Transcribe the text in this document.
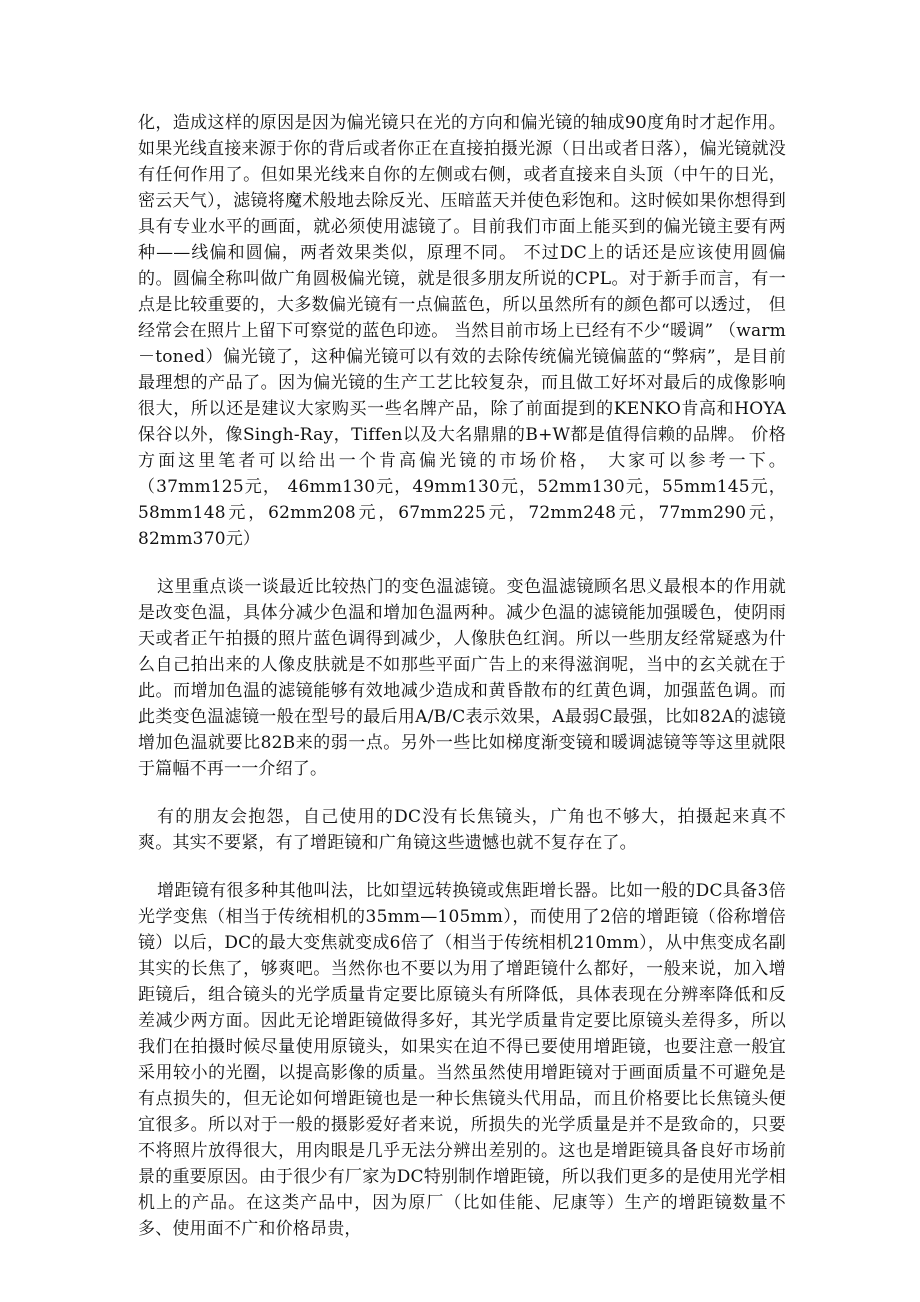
化，造成这样的原因是因为偏光镜只在光的方向和偏光镜的轴成90度角时才起作用。如果光线直接来源于你的背后或者你正在直接拍摄光源（日出或者日落），偏光镜就没有任何作用了。但如果光线来自你的左侧或右侧，或者直接来自头顶（中午的日光，密云天气），滤镜将魔术般地去除反光、压暗蓝天并使色彩饱和。这时候如果你想得到具有专业水平的画面，就必须使用滤镜了。目前我们市面上能买到的偏光镜主要有两种——线偏和圆偏，两者效果类似，原理不同。 不过DC上的话还是应该使用圆偏的。圆偏全称叫做广角圆极偏光镜，就是很多朋友所说的CPL。对于新手而言，有一点是比较重要的，大多数偏光镜有一点偏蓝色，所以虽然所有的颜色都可以透过， 但经常会在照片上留下可察觉的蓝色印迹。 当然目前市场上已经有不少“暖调” （warm－toned）偏光镜了，这种偏光镜可以有效的去除传统偏光镜偏蓝的“弊病”，是目前最理想的产品了。因为偏光镜的生产工艺比较复杂，而且做工好坏对最后的成像影响很大，所以还是建议大家购买一些名牌产品，除了前面提到的KENKO肯高和HOYA保谷以外，像Singh-Ray，Tiffen以及大名鼎鼎的B+W都是值得信赖的品牌。 价格方面这里笔者可以给出一个肯高偏光镜的市场价格， 大家可以参考一下。（37mm125元， 46mm130元，49mm130元，52mm130元，55mm145元，58mm148元，62mm208元，67mm225元，72mm248元，77mm290元，82mm370元）

这里重点谈一谈最近比较热门的变色温滤镜。变色温滤镜顾名思义最根本的作用就是改变色温，具体分减少色温和增加色温两种。减少色温的滤镜能加强暖色，使阴雨天或者正午拍摄的照片蓝色调得到减少，人像肤色红润。所以一些朋友经常疑惑为什么自己拍出来的人像皮肤就是不如那些平面广告上的来得滋润呢，当中的玄关就在于此。而增加色温的滤镜能够有效地减少造成和黄昏散布的红黄色调，加强蓝色调。而此类变色温滤镜一般在型号的最后用A/B/C表示效果，A最弱C最强，比如82A的滤镜增加色温就要比82B来的弱一点。另外一些比如梯度渐变镜和暖调滤镜等等这里就限于篇幅不再一一介绍了。

有的朋友会抱怨，自己使用的DC没有长焦镜头，广角也不够大，拍摄起来真不爽。其实不要紧，有了增距镜和广角镜这些遗憾也就不复存在了。

增距镜有很多种其他叫法，比如望远转换镜或焦距增长器。比如一般的DC具备3倍光学变焦（相当于传统相机的35mm—105mm），而使用了2倍的增距镜（俗称增倍镜）以后，DC的最大变焦就变成6倍了（相当于传统相机210mm），从中焦变成名副其实的长焦了，够爽吧。当然你也不要以为用了增距镜什么都好，一般来说，加入增距镜后，组合镜头的光学质量肯定要比原镜头有所降低，具体表现在分辨率降低和反差减少两方面。因此无论增距镜做得多好，其光学质量肯定要比原镜头差得多，所以我们在拍摄时候尽量使用原镜头，如果实在迫不得已要使用增距镜，也要注意一般宜采用较小的光圈，以提高影像的质量。当然虽然使用增距镜对于画面质量不可避免是有点损失的，但无论如何增距镜也是一种长焦镜头代用品，而且价格要比长焦镜头便宜很多。所以对于一般的摄影爱好者来说，所损失的光学质量是并不是致命的，只要不将照片放得很大，用肉眼是几乎无法分辨出差别的。这也是增距镜具备良好市场前景的重要原因。由于很少有厂家为DC特别制作增距镜，所以我们更多的是使用光学相机上的产品。在这类产品中，因为原厂（比如佳能、尼康等）生产的增距镜数量不多、使用面不广和价格昂贵，
